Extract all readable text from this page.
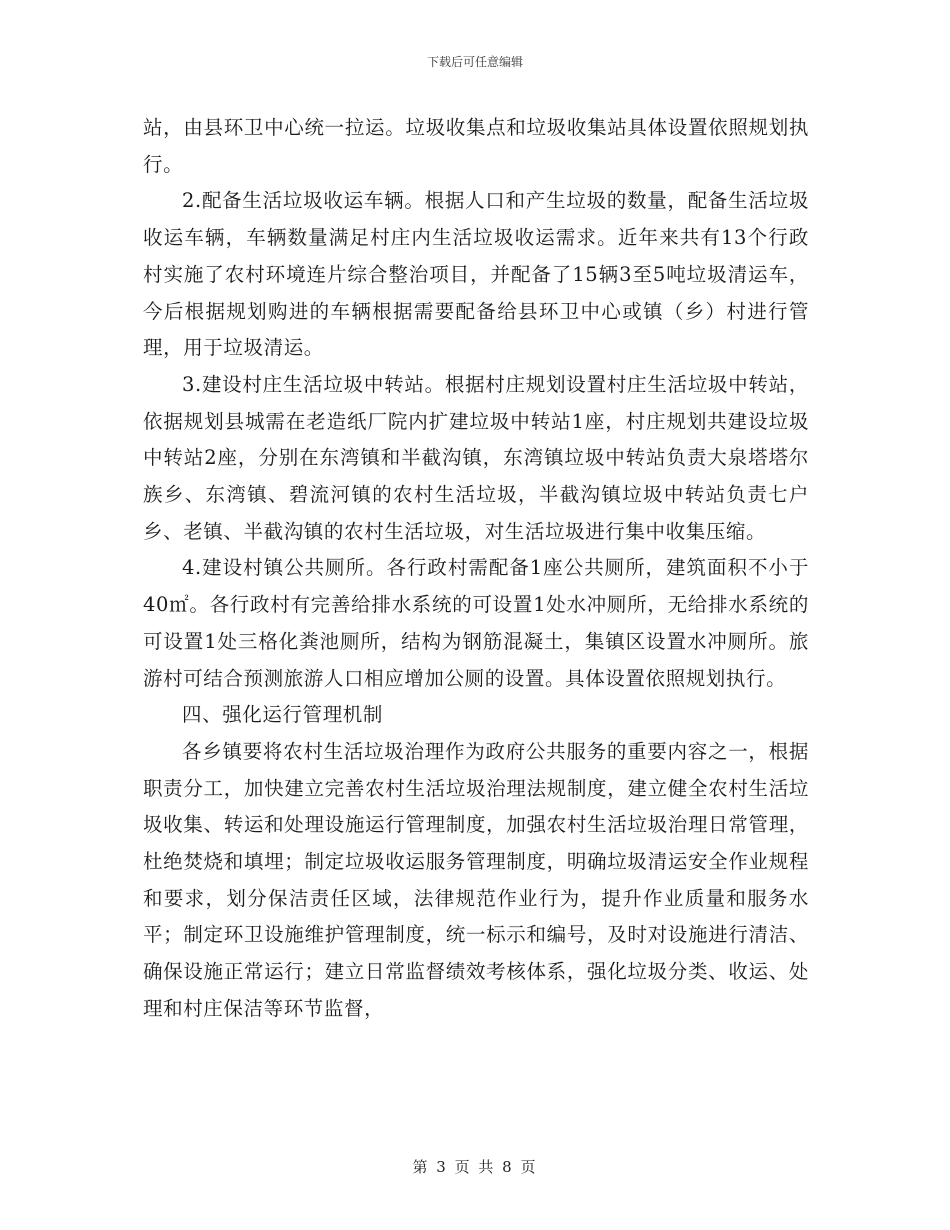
下载后可任意编辑

站，由县环卫中心统一拉运。垃圾收集点和垃圾收集站具体设置依照规划执行。

2.配备生活垃圾收运车辆。根据人口和产生垃圾的数量，配备生活垃圾收运车辆，车辆数量满足村庄内生活垃圾收运需求。近年来共有13个行政村实施了农村环境连片综合整治项目，并配备了15辆3至5吨垃圾清运车，今后根据规划购进的车辆根据需要配备给县环卫中心或镇（乡）村进行管理，用于垃圾清运。

3.建设村庄生活垃圾中转站。根据村庄规划设置村庄生活垃圾中转站，依据规划县城需在老造纸厂院内扩建垃圾中转站1座，村庄规划共建设垃圾中转站2座，分别在东湾镇和半截沟镇，东湾镇垃圾中转站负责大泉塔塔尔族乡、东湾镇、碧流河镇的农村生活垃圾，半截沟镇垃圾中转站负责七户乡、老镇、半截沟镇的农村生活垃圾，对生活垃圾进行集中收集压缩。

4.建设村镇公共厕所。各行政村需配备1座公共厕所，建筑面积不小于40㎡。各行政村有完善给排水系统的可设置1处水冲厕所，无给排水系统的可设置1处三格化粪池厕所，结构为钢筋混凝土，集镇区设置水冲厕所。旅游村可结合预测旅游人口相应增加公厕的设置。具体设置依照规划执行。

四、强化运行管理机制

各乡镇要将农村生活垃圾治理作为政府公共服务的重要内容之一，根据职责分工，加快建立完善农村生活垃圾治理法规制度，建立健全农村生活垃圾收集、转运和处理设施运行管理制度，加强农村生活垃圾治理日常管理，杜绝焚烧和填埋；制定垃圾收运服务管理制度，明确垃圾清运安全作业规程和要求，划分保洁责任区域，法律规范作业行为，提升作业质量和服务水平；制定环卫设施维护管理制度，统一标示和编号，及时对设施进行清洁、确保设施正常运行；建立日常监督绩效考核体系，强化垃圾分类、收运、处理和村庄保洁等环节监督，

第 3 页 共 8 页
